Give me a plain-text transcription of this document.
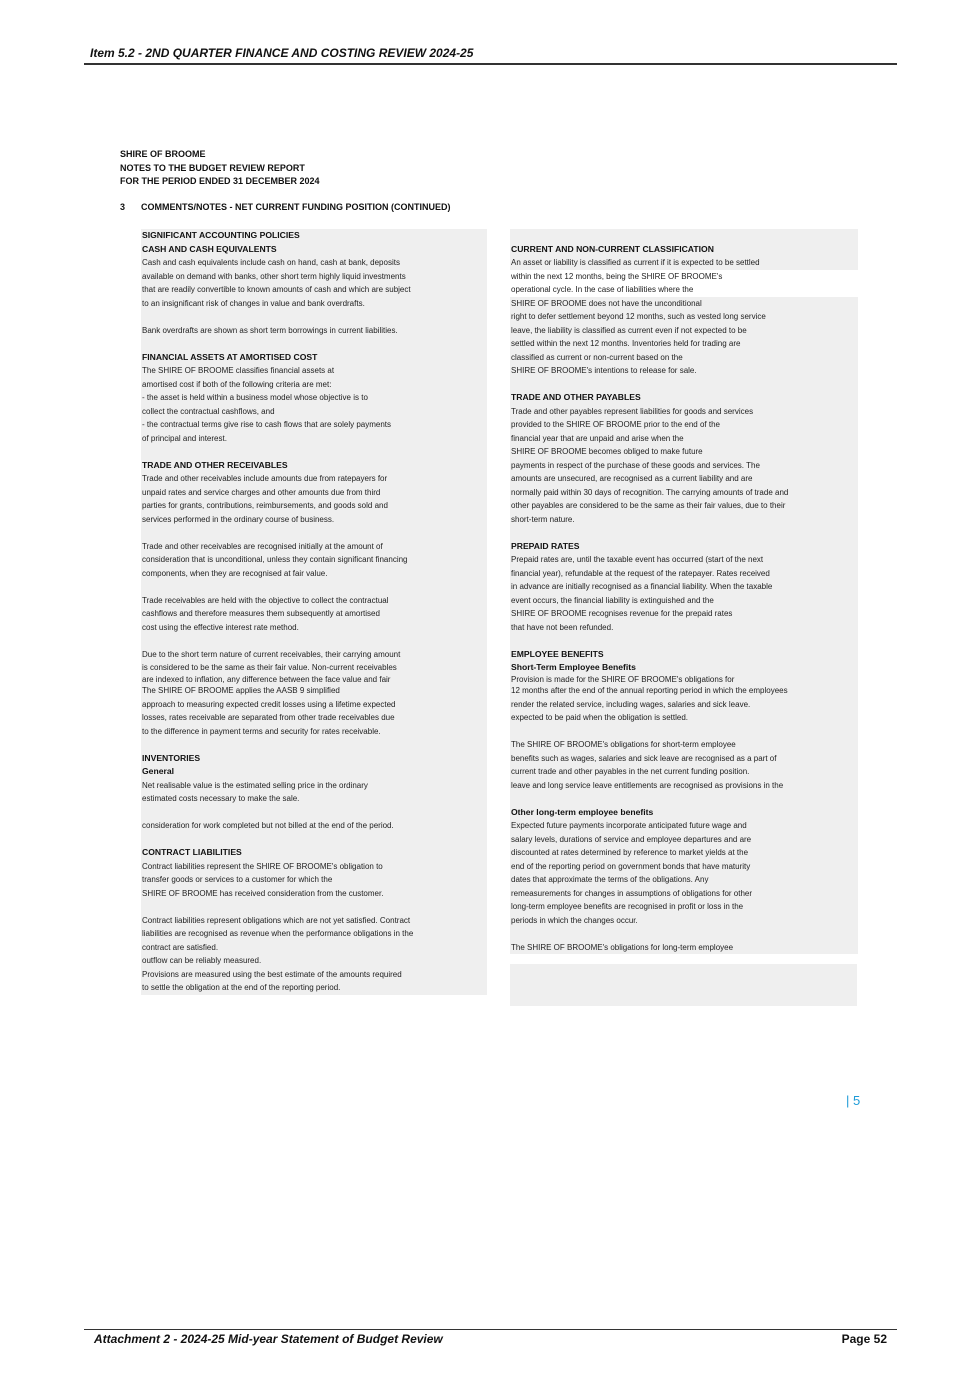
Item 5.2 - 2ND QUARTER FINANCE AND COSTING REVIEW 2024-25
SHIRE OF BROOME
NOTES TO THE BUDGET REVIEW REPORT
FOR THE PERIOD ENDED 31 DECEMBER 2024
3 COMMENTS/NOTES - NET CURRENT FUNDING POSITION (CONTINUED)
SIGNIFICANT ACCOUNTING POLICIES
CASH AND CASH EQUIVALENTS
Cash and cash equivalents include cash on hand, cash at bank, deposits
available on demand with banks, other short term highly liquid investments
that are readily convertible to known amounts of cash and which are subject
to an insignificant risk of changes in value and bank overdrafts.
Bank overdrafts are shown as short term borrowings in current liabilities.
FINANCIAL ASSETS AT AMORTISED COST
The SHIRE OF BROOME classifies financial assets at
amortised cost if both of the following criteria are met:
- the asset is held within a business model whose objective is to
collect the contractual cashflows, and
- the contractual terms give rise to cash flows that are solely payments
of principal and interest.
TRADE AND OTHER RECEIVABLES
Trade and other receivables include amounts due from ratepayers for
unpaid rates and service charges and other amounts due from third
parties for grants, contributions, reimbursements, and goods sold and
services performed in the ordinary course of business.
Trade and other receivables are recognised initially at the amount of
consideration that is unconditional, unless they contain significant financing
components, when they are recognised at fair value.
Trade receivables are held with the objective to collect the contractual
cashflows and therefore measures them subsequently at amortised
cost using the effective interest rate method.
Due to the short term nature of current receivables, their carrying amount
is considered to be the same as their fair value. Non-current receivables
are indexed to inflation, any difference between the face value and fair
The SHIRE OF BROOME applies the AASB 9 simplified
approach to measuring expected credit losses using a lifetime expected
losses, rates receivable are separated from other trade receivables due
to the difference in payment terms and security for rates receivable.
INVENTORIES
General
Net realisable value is the estimated selling price in the ordinary
estimated costs necessary to make the sale.
consideration for work completed but not billed at the end of the period.
CONTRACT LIABILITIES
Contract liabilities represent the SHIRE OF BROOME's obligation to
transfer goods or services to a customer for which the
SHIRE OF BROOME has received consideration from the customer.
Contract liabilities represent obligations which are not yet satisfied. Contract
liabilities are recognised as revenue when the performance obligations in the
contract are satisfied.
outflow can be reliably measured.
Provisions are measured using the best estimate of the amounts required
to settle the obligation at the end of the reporting period.
CURRENT AND NON-CURRENT CLASSIFICATION
An asset or liability is classified as current if it is expected to be settled
within the next 12 months, being the SHIRE OF BROOME's
operational cycle. In the case of liabilities where the
SHIRE OF BROOME does not have the unconditional
right to defer settlement beyond 12 months, such as vested long service
leave, the liability is classified as current even if not expected to be
settled within the next 12 months. Inventories held for trading are
classified as current or non-current based on the
SHIRE OF BROOME's intentions to release for sale.
TRADE AND OTHER PAYABLES
Trade and other payables represent liabilities for goods and services
provided to the SHIRE OF BROOME prior to the end of the
financial year that are unpaid and arise when the
SHIRE OF BROOME becomes obliged to make future
payments in respect of the purchase of these goods and services. The
amounts are unsecured, are recognised as a current liability and are
normally paid within 30 days of recognition. The carrying amounts of trade and
other payables are considered to be the same as their fair values, due to their
short-term nature.
PREPAID RATES
Prepaid rates are, until the taxable event has occurred (start of the next
financial year), refundable at the request of the ratepayer. Rates received
in advance are initially recognised as a financial liability. When the taxable
event occurs, the financial liability is extinguished and the
SHIRE OF BROOME recognises revenue for the prepaid rates
that have not been refunded.
EMPLOYEE BENEFITS
Short-Term Employee Benefits
Provision is made for the SHIRE OF BROOME's obligations for
12 months after the end of the annual reporting period in which the employees
render the related service, including wages, salaries and sick leave.
expected to be paid when the obligation is settled.
The SHIRE OF BROOME's obligations for short-term employee
benefits such as wages, salaries and sick leave are recognised as a part of
current trade and other payables in the net current funding position.
leave and long service leave entitlements are recognised as provisions in the
Other long-term employee benefits
Expected future payments incorporate anticipated future wage and
salary levels, durations of service and employee departures and are
discounted at rates determined by reference to market yields at the
end of the reporting period on government bonds that have maturity
dates that approximate the terms of the obligations. Any
remeasurements for changes in assumptions of obligations for other
long-term employee benefits are recognised in profit or loss in the
periods in which the changes occur.
The SHIRE OF BROOME's obligations for long-term employee
| 5
Attachment 2 - 2024-25 Mid-year Statement of Budget Review	Page 52
